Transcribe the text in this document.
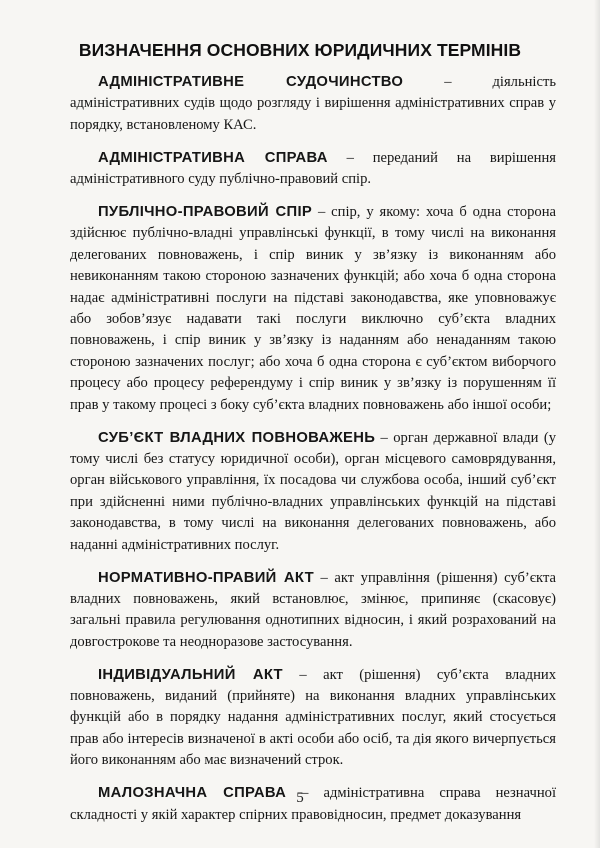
ВИЗНАЧЕННЯ ОСНОВНИХ ЮРИДИЧНИХ ТЕРМІНІВ

АДМІНІСТРАТИВНЕ СУДОЧИНСТВО	– діяльність адміністративних судів щодо розгляду і вирішення адміністративних справ у порядку, встановленому КАС.

АДМІНІСТРАТИВНА СПРАВА – переданий на вирішення адміністративного суду публічно-правовий спір.

ПУБЛІЧНО-ПРАВОВИЙ СПІР – спір, у якому: хоча б одна сторона здійснює публічно-владні управлінські функції, в тому числі на виконання делегованих повноважень, і спір виник у зв’язку із виконанням або невиконанням такою стороною зазначених функцій; або хоча б одна сторона надає адміністративні послуги на підставі законодавства, яке уповноважує або зобов’язує надавати такі послуги виключно суб’єкта владних повноважень, і спір виник у зв’язку із наданням або ненаданням такою стороною зазначених послуг; або хоча б одна сторона є суб’єктом виборчого процесу або процесу референдуму і спір виник у зв’язку із порушенням її прав у такому процесі з боку суб’єкта владних повноважень або іншої особи;

СУБ’ЄКТ ВЛАДНИХ ПОВНОВАЖЕНЬ – орган державної влади (у тому числі без статусу юридичної особи), орган місцевого самоврядування, орган військового управління, їх посадова чи службова особа, інший суб’єкт при здійсненні ними публічно-владних управлінських функцій на підставі законодавства, в тому числі на виконання делегованих повноважень, або наданні адміністративних послуг.

НОРМАТИВНО-ПРАВИЙ АКТ – акт управління (рішення) суб’єкта владних повноважень, який встановлює, змінює, припиняє (скасовує) загальні правила регулювання однотипних відносин, і який розрахований на довгострокове та неодноразове застосування.

ІНДИВІДУАЛЬНИЙ АКТ – акт (рішення) суб’єкта владних повноважень, виданий (прийняте) на виконання владних управлінських функцій або в порядку надання адміністративних послуг, який стосується прав або інтересів визначеної в акті особи або осіб, та дія якого вичерпується його виконанням або має визначений строк.

МАЛОЗНАЧНА СПРАВА – адміністративна справа незначної складності у якій характер спірних правовідносин, предмет доказування

5
